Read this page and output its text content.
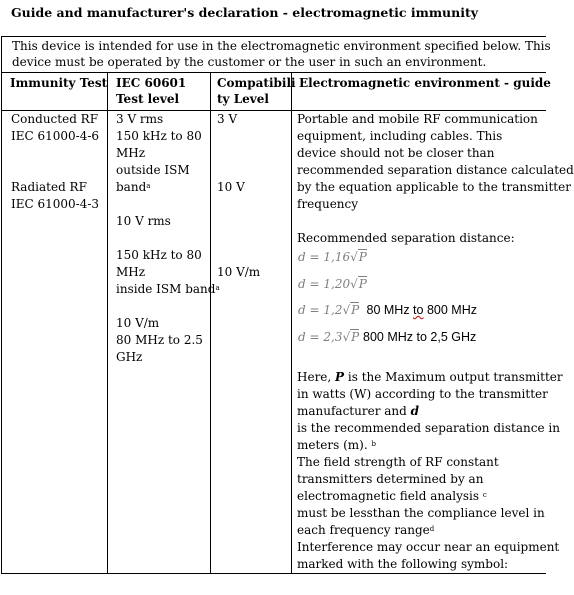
Guide and manufacturer's declaration - electromagnetic immunity
This device is intended for use in the electromagnetic environment specified below. This
device must be operated by the customer or the user in such an environment.
Immunity Test IEC 60601
Test level
Compatibili
ty Level
Electromagnetic environment - guide
Conducted RF
IEC 61000-4-6
Radiated RF
IEC 61000-4-3
3 V rms
150 kHz to 80
MHz
outside ISM
band$^a$
10 V rms
150 kHz to 80
MHz
inside ISM band$^a$
10 V/m
80 MHz to 2.5
GHz
3 V
10 V
10 V/m
Portable and mobile RF communication
equipment, including cables. This
device should not be closer than
recommended separation distance calculated
by the equation applicable to the transmitter
frequency
Recommended separation distance:
d = 1,16√P
d = 1,20√P
d = 1,2√P 80 MHz to 800 MHz
d = 2,3√P 800 MHz to 2,5 GHz
Here, P is the Maximum output transmitter
in watts (W) according to the transmitter
manufacturer and d
is the recommended separation distance in
meters (m). $^b$
The field strength of RF constant
transmitters determined by an
electromagnetic field analysis $^c$
must be lessthan the compliance level in
each frequency range$^d$
Interference may occur near an equipment
marked with the following symbol:
